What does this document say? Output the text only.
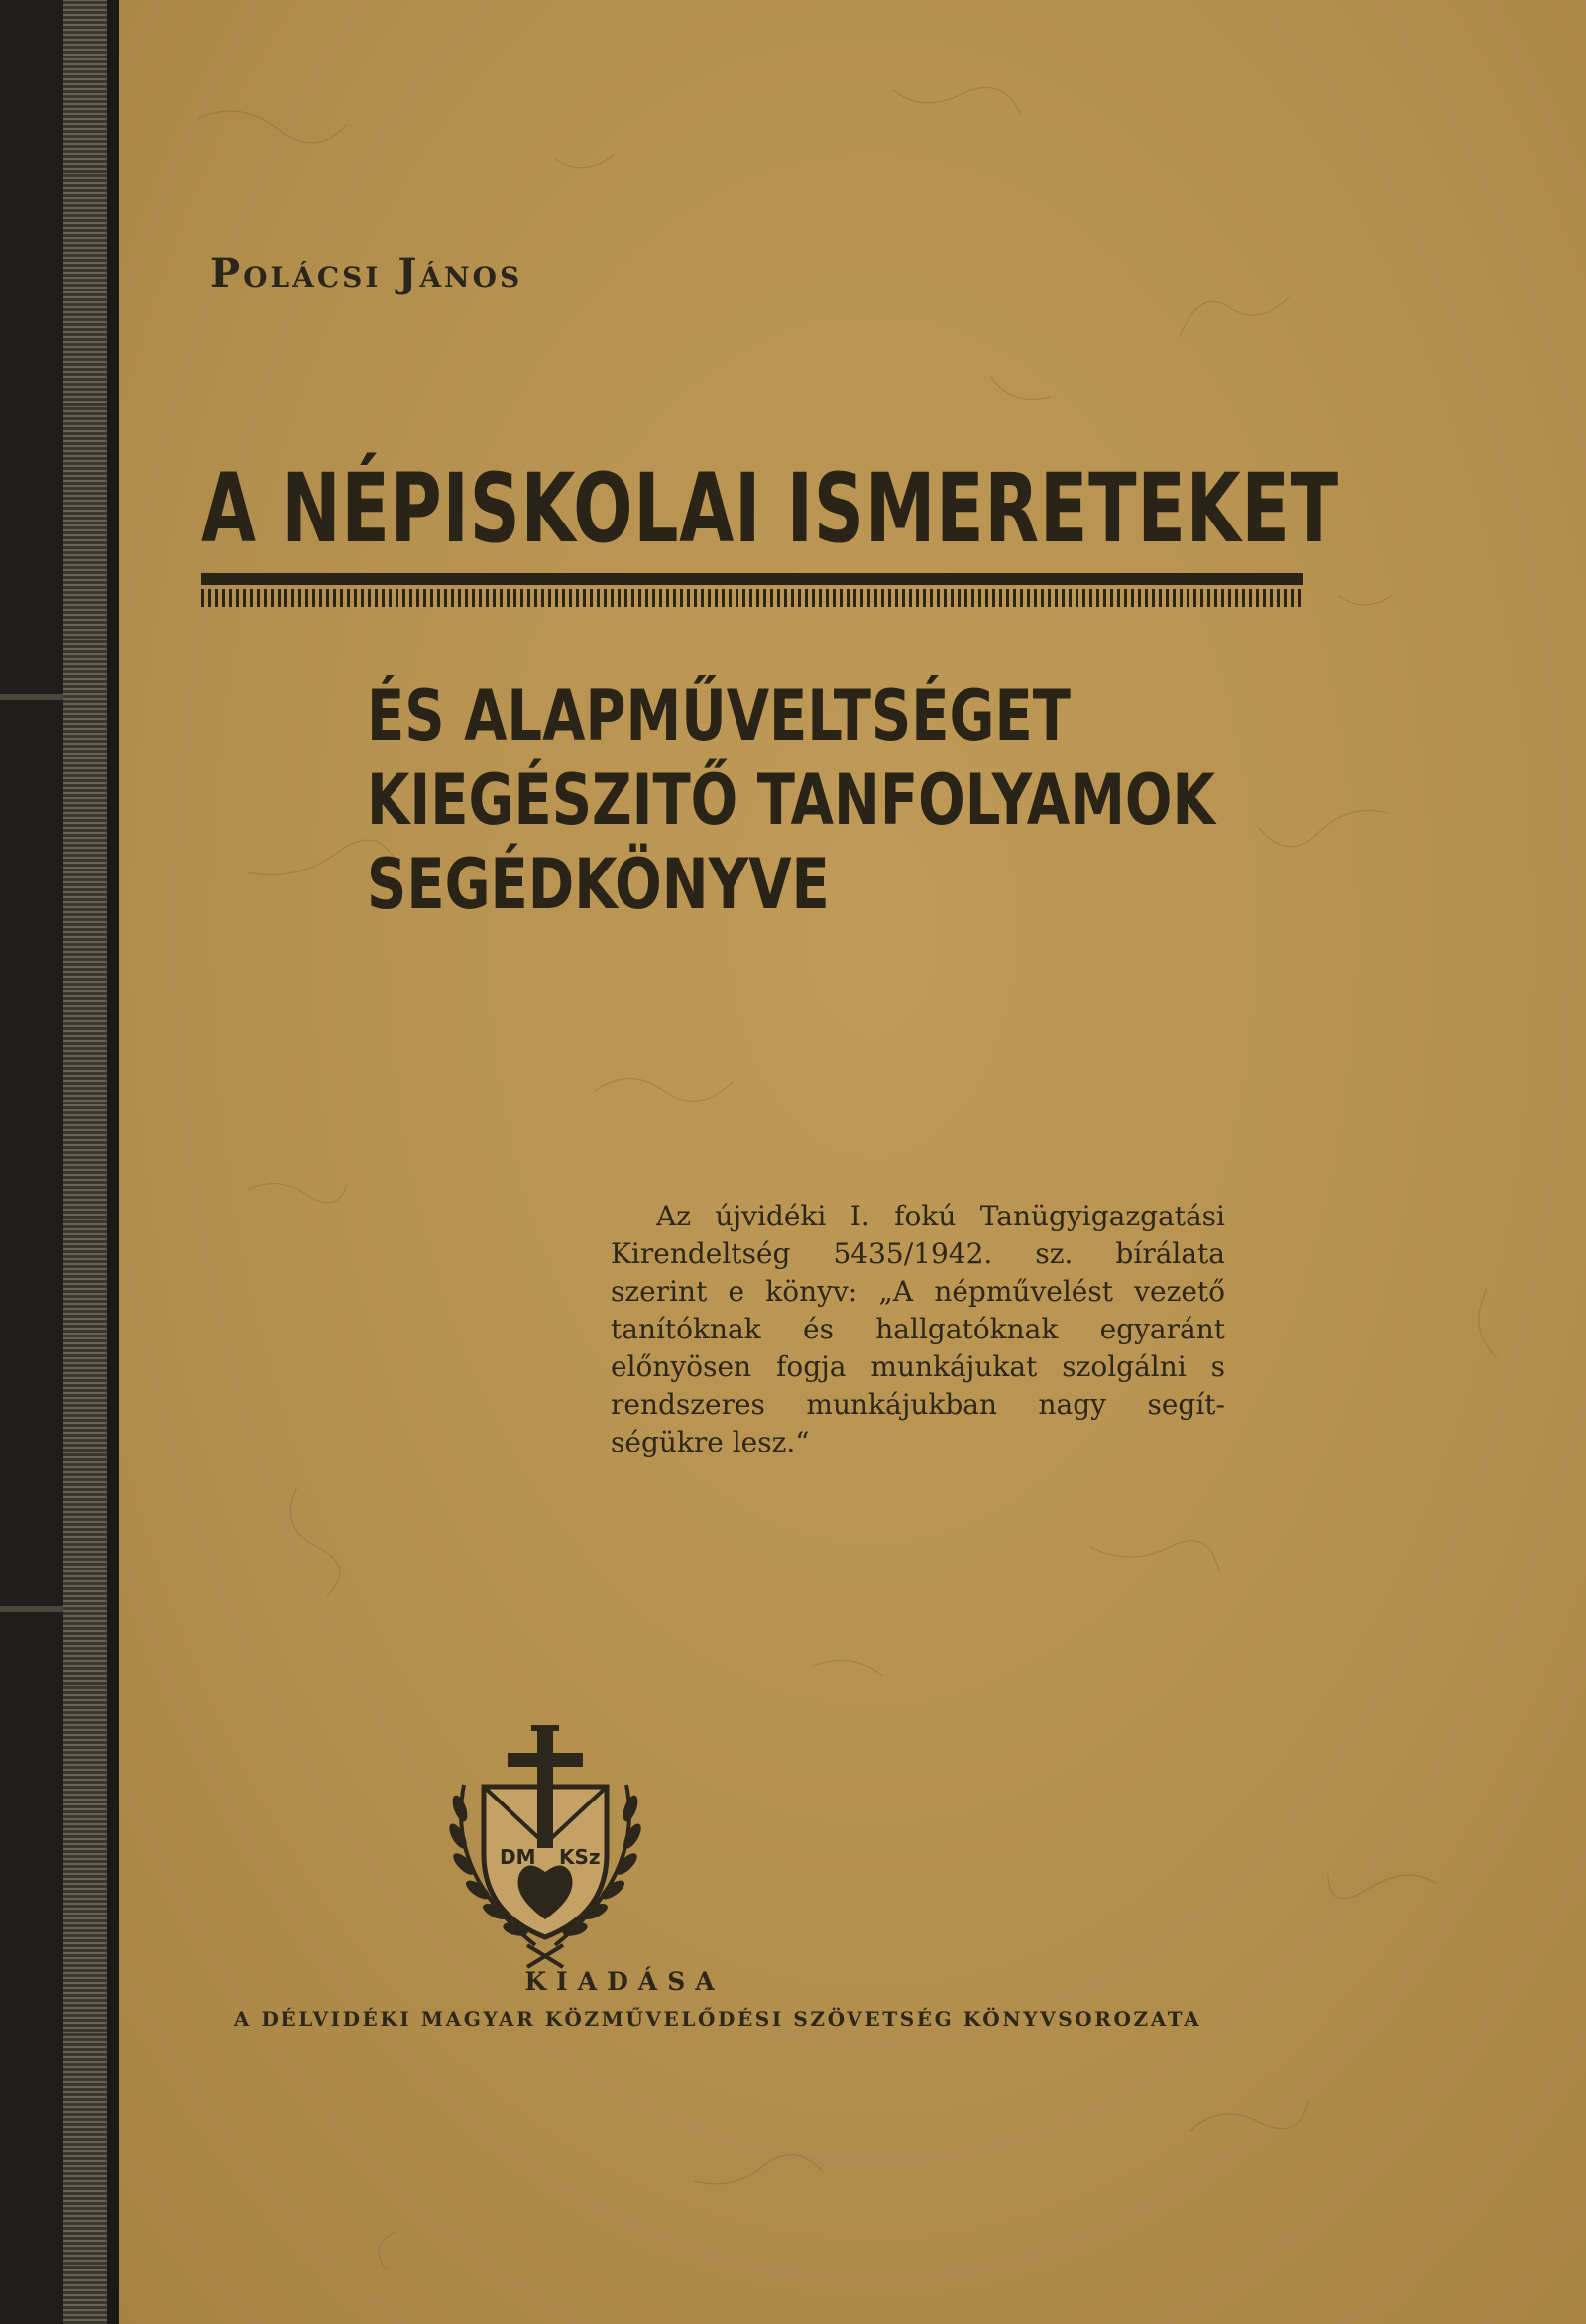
Polácsi János
A NÉPISKOLAI ISMERETEKET
ÉS ALAPMŰVELTSÉGET
KIEGÉSZITŐ TANFOLYAMOK
SEGÉDKÖNYVE

Az újvidéki I. fokú Tanügyigazgatási Kirendeltség 5435/1942. sz. bírálata szerint e könyv: „A népművelést vezető tanítóknak és hallgatóknak egyaránt előnyösen fogja munkájukat szolgálni s rendszeres munkájukban nagy segítségükre lesz.“

DM KSz
KIADÁSA
A DÉLVIDÉKI MAGYAR KÖZMŰVELŐDÉSI SZÖVETSÉG KÖNYVSOROZATA
